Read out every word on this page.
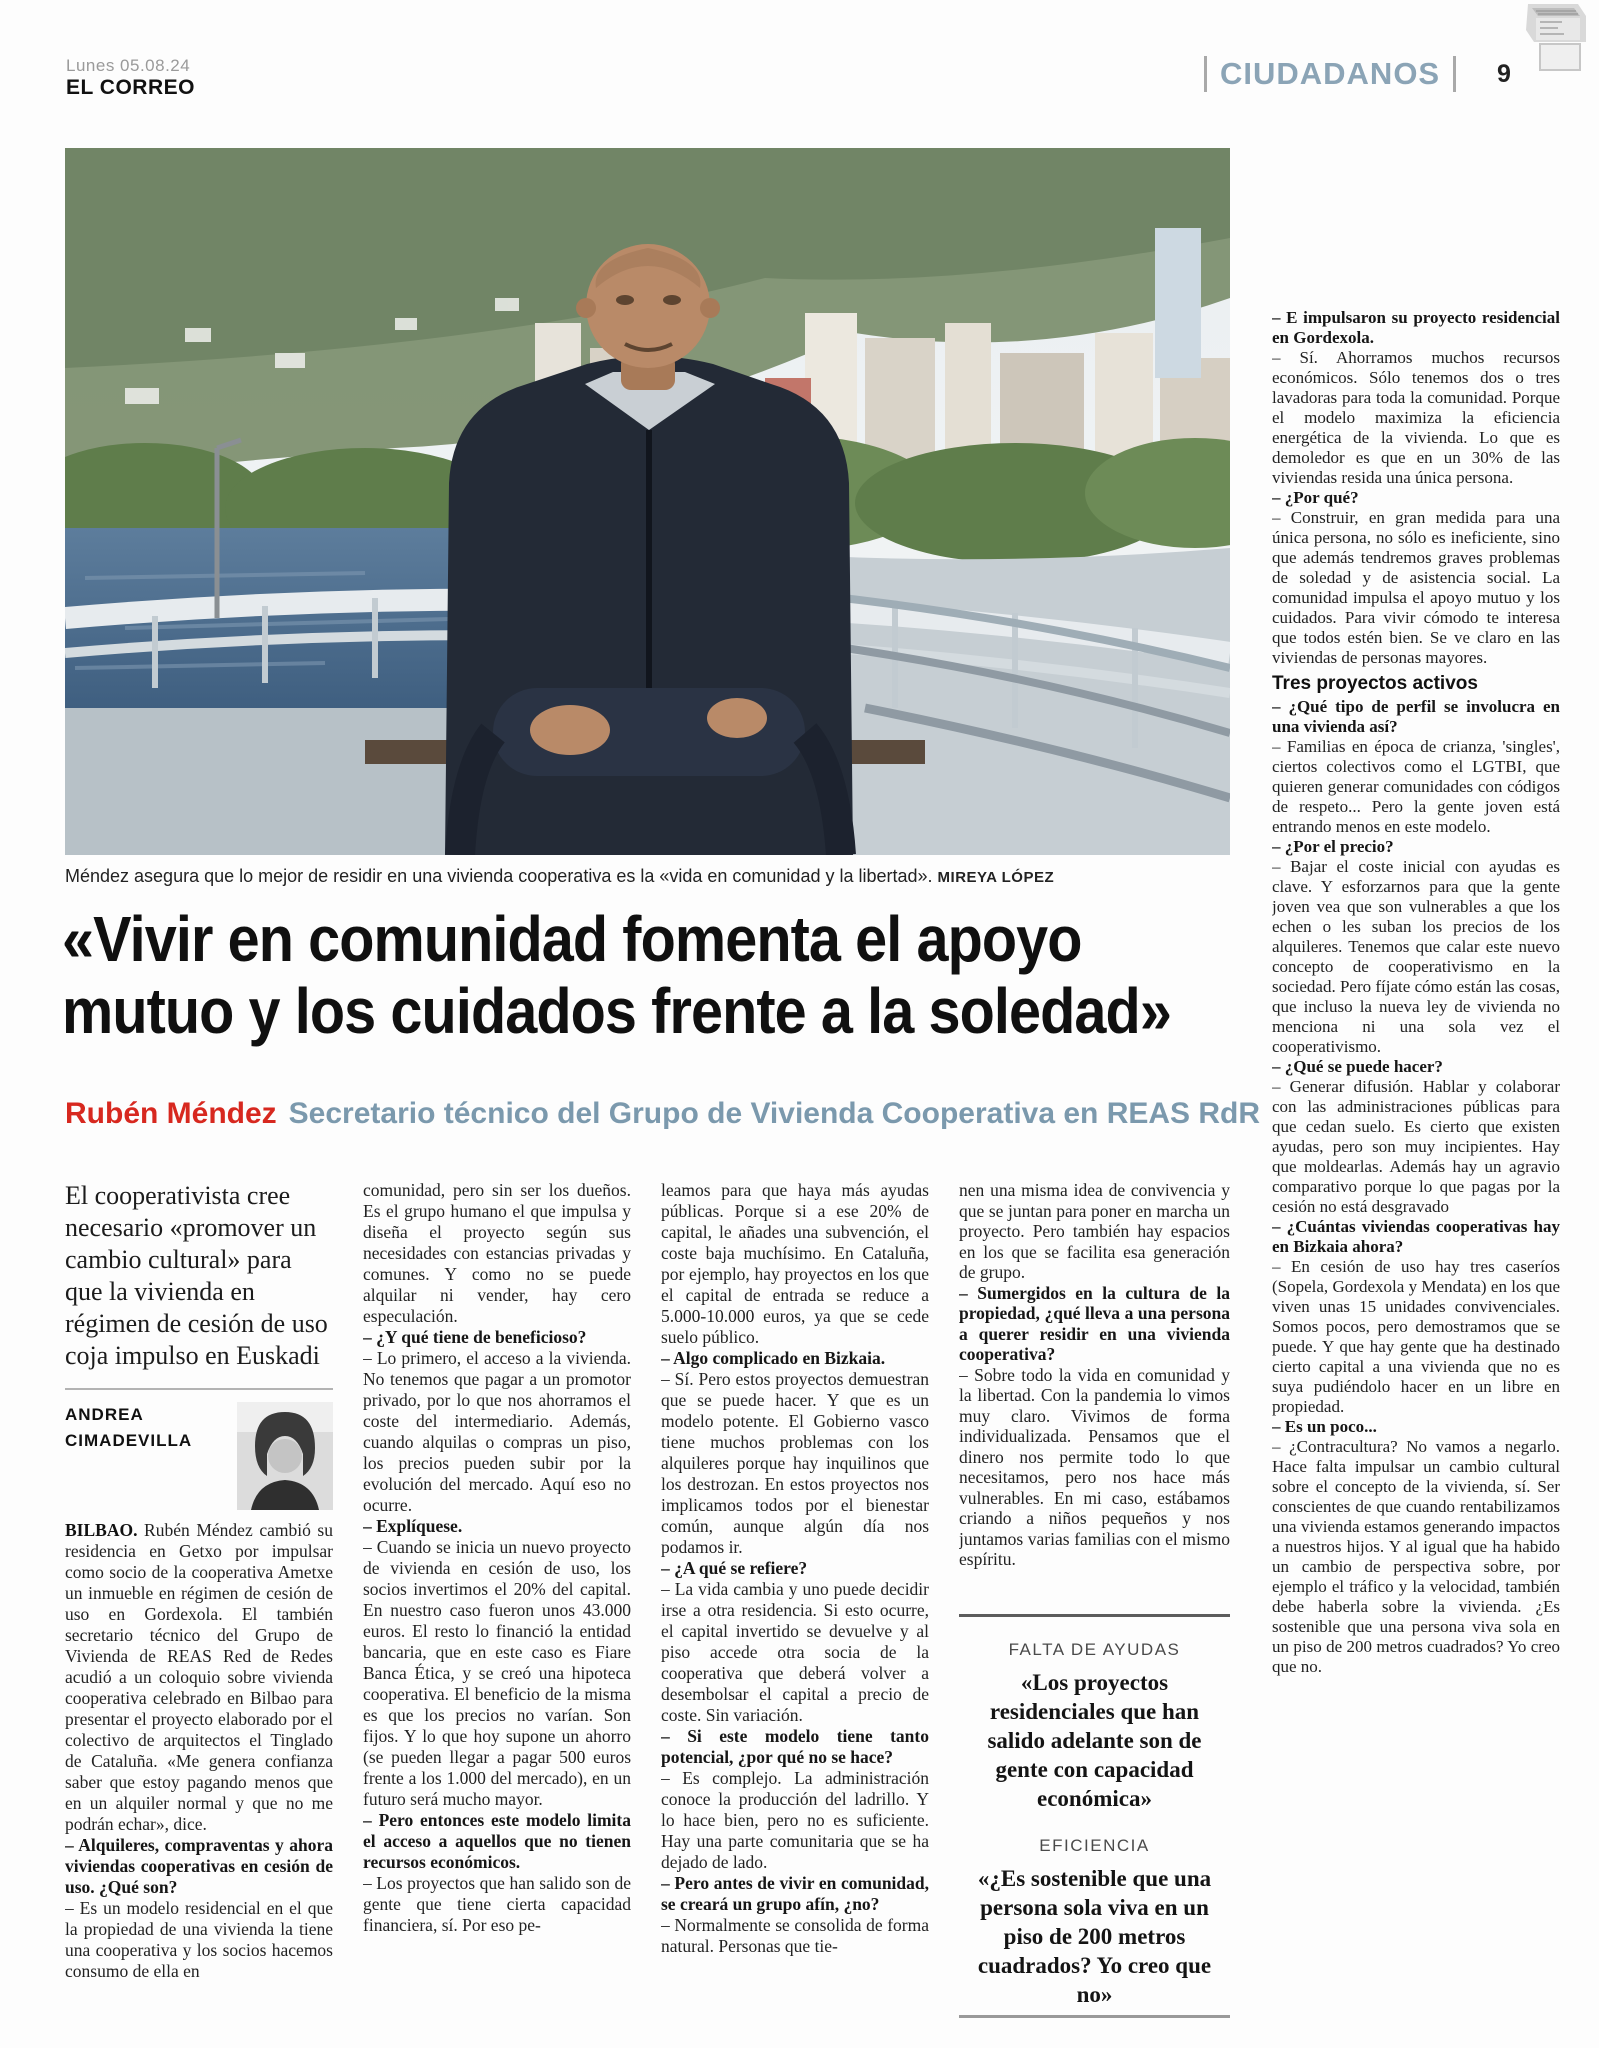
Lunes 05.08.24
EL CORREO	CIUDADANOS 9
Méndez asegura que lo mejor de residir en una vivienda cooperativa es la «vida en comunidad y la libertad». MIREYA LÓPEZ
«Vivir en comunidad fomenta el apoyo
mutuo y los cuidados frente a la soledad»
Rubén Méndez Secretario técnico del Grupo de Vivienda Cooperativa en REAS RdR
El cooperativista cree necesario «promover un cambio cultural» para que la vivienda en régimen de cesión de uso coja impulso en Euskadi
ANDREA CIMADEVILLA

BILBAO. Rubén Méndez cambió su residencia en Getxo por impulsar como socio de la cooperativa Ametxe un inmueble en régimen de cesión de uso en Gordexola. El también secretario técnico del Grupo de Vivienda de REAS Red de Redes acudió a un coloquio sobre vivienda cooperativa celebrado en Bilbao para presentar el proyecto elaborado por el colectivo de arquitectos el Tinglado de Cataluña. «Me genera confianza saber que estoy pagando menos que en un alquiler normal y que no me podrán echar», dice.

– Alquileres, compraventas y ahora viviendas cooperativas en cesión de uso. ¿Qué son?

– Es un modelo residencial en el que la propiedad de una vivienda la tiene una cooperativa y los socios hacemos consumo de ella en

comunidad, pero sin ser los dueños. Es el grupo humano el que impulsa y diseña el proyecto según sus necesidades con estancias privadas y comunes. Y como no se puede alquilar ni vender, hay cero especulación.

– ¿Y qué tiene de beneficioso?

– Lo primero, el acceso a la vivienda. No tenemos que pagar a un promotor privado, por lo que nos ahorramos el coste del intermediario. Además, cuando alquilas o compras un piso, los precios pueden subir por la evolución del mercado. Aquí eso no ocurre.

– Explíquese.

– Cuando se inicia un nuevo proyecto de vivienda en cesión de uso, los socios invertimos el 20% del capital. En nuestro caso fueron unos 43.000 euros. El resto lo financió la entidad bancaria, que en este caso es Fiare Banca Ética, y se creó una hipoteca cooperativa. El beneficio de la misma es que los precios no varían. Son fijos. Y lo que hoy supone un ahorro (se pueden llegar a pagar 500 euros frente a los 1.000 del mercado), en un futuro será mucho mayor.

– Pero entonces este modelo limita el acceso a aquellos que no tienen recursos económicos.

– Los proyectos que han salido son de gente que tiene cierta capacidad financiera, sí. Por eso pe-

leamos para que haya más ayudas públicas. Porque si a ese 20% de capital, le añades una subvención, el coste baja muchísimo. En Cataluña, por ejemplo, hay proyectos en los que el capital de entrada se reduce a 5.000-10.000 euros, ya que se cede suelo público.

– Algo complicado en Bizkaia.

– Sí. Pero estos proyectos demuestran que se puede hacer. Y que es un modelo potente. El Gobierno vasco tiene muchos problemas con los alquileres porque hay inquilinos que los destrozan. En estos proyectos nos implicamos todos por el bienestar común, aunque algún día nos podamos ir.

– ¿A qué se refiere?

– La vida cambia y uno puede decidir irse a otra residencia. Si esto ocurre, el capital invertido se devuelve y al piso accede otra socia de la cooperativa que deberá volver a desembolsar el capital a precio de coste. Sin variación.

– Si este modelo tiene tanto potencial, ¿por qué no se hace?

– Es complejo. La administración conoce la producción del ladrillo. Y lo hace bien, pero no es suficiente. Hay una parte comunitaria que se ha dejado de lado.

– Pero antes de vivir en comunidad, se creará un grupo afín, ¿no?

– Normalmente se consolida de forma natural. Personas que tie-

nen una misma idea de convivencia y que se juntan para poner en marcha un proyecto. Pero también hay espacios en los que se facilita esa generación de grupo.

– Sumergidos en la cultura de la propiedad, ¿qué lleva a una persona a querer residir en una vivienda cooperativa?

– Sobre todo la vida en comunidad y la libertad. Con la pandemia lo vimos muy claro. Vivimos de forma individualizada. Pensamos que el dinero nos permite todo lo que necesitamos, pero nos hace más vulnerables. En mi caso, estábamos criando a niños pequeños y nos juntamos varias familias con el mismo espíritu.

FALTA DE AYUDAS

«Los proyectos residenciales que han salido adelante son de gente con capacidad económica»

EFICIENCIA

«¿Es sostenible que una persona sola viva en un piso de 200 metros cuadrados? Yo creo que no»

– E impulsaron su proyecto residencial en Gordexola.

– Sí. Ahorramos muchos recursos económicos. Sólo tenemos dos o tres lavadoras para toda la comunidad. Porque el modelo maximiza la eficiencia energética de la vivienda. Lo que es demoledor es que en un 30% de las viviendas resida una única persona.

– ¿Por qué?

– Construir, en gran medida para una única persona, no sólo es ineficiente, sino que además tendremos graves problemas de soledad y de asistencia social. La comunidad impulsa el apoyo mutuo y los cuidados. Para vivir cómodo te interesa que todos estén bien. Se ve claro en las viviendas de personas mayores.

Tres proyectos activos

– ¿Qué tipo de perfil se involucra en una vivienda así?

– Familias en época de crianza, 'singles', ciertos colectivos como el LGTBI, que quieren generar comunidades con códigos de respeto... Pero la gente joven está entrando menos en este modelo.

– ¿Por el precio?

– Bajar el coste inicial con ayudas es clave. Y esforzarnos para que la gente joven vea que son vulnerables a que los echen o les suban los precios de los alquileres. Tenemos que calar este nuevo concepto de cooperativismo en la sociedad. Pero fíjate cómo están las cosas, que incluso la nueva ley de vivienda no menciona ni una sola vez el cooperativismo.

– ¿Qué se puede hacer?

– Generar difusión. Hablar y colaborar con las administraciones públicas para que cedan suelo. Es cierto que existen ayudas, pero son muy incipientes. Hay que moldearlas. Además hay un agravio comparativo porque lo que pagas por la cesión no está desgravado

– ¿Cuántas viviendas cooperativas hay en Bizkaia ahora?

– En cesión de uso hay tres caseríos (Sopela, Gordexola y Mendata) en los que viven unas 15 unidades convivenciales. Somos pocos, pero demostramos que se puede. Y que hay gente que ha destinado cierto capital a una vivienda que no es suya pudiéndolo hacer en un libre en propiedad.

– Es un poco...

– ¿Contracultura? No vamos a negarlo. Hace falta impulsar un cambio cultural sobre el concepto de la vivienda, sí. Ser conscientes de que cuando rentabilizamos una vivienda estamos generando impactos a nuestros hijos. Y al igual que ha habido un cambio de perspectiva sobre, por ejemplo el tráfico y la velocidad, también debe haberla sobre la vivienda. ¿Es sostenible que una persona viva sola en un piso de 200 metros cuadrados? Yo creo que no.
